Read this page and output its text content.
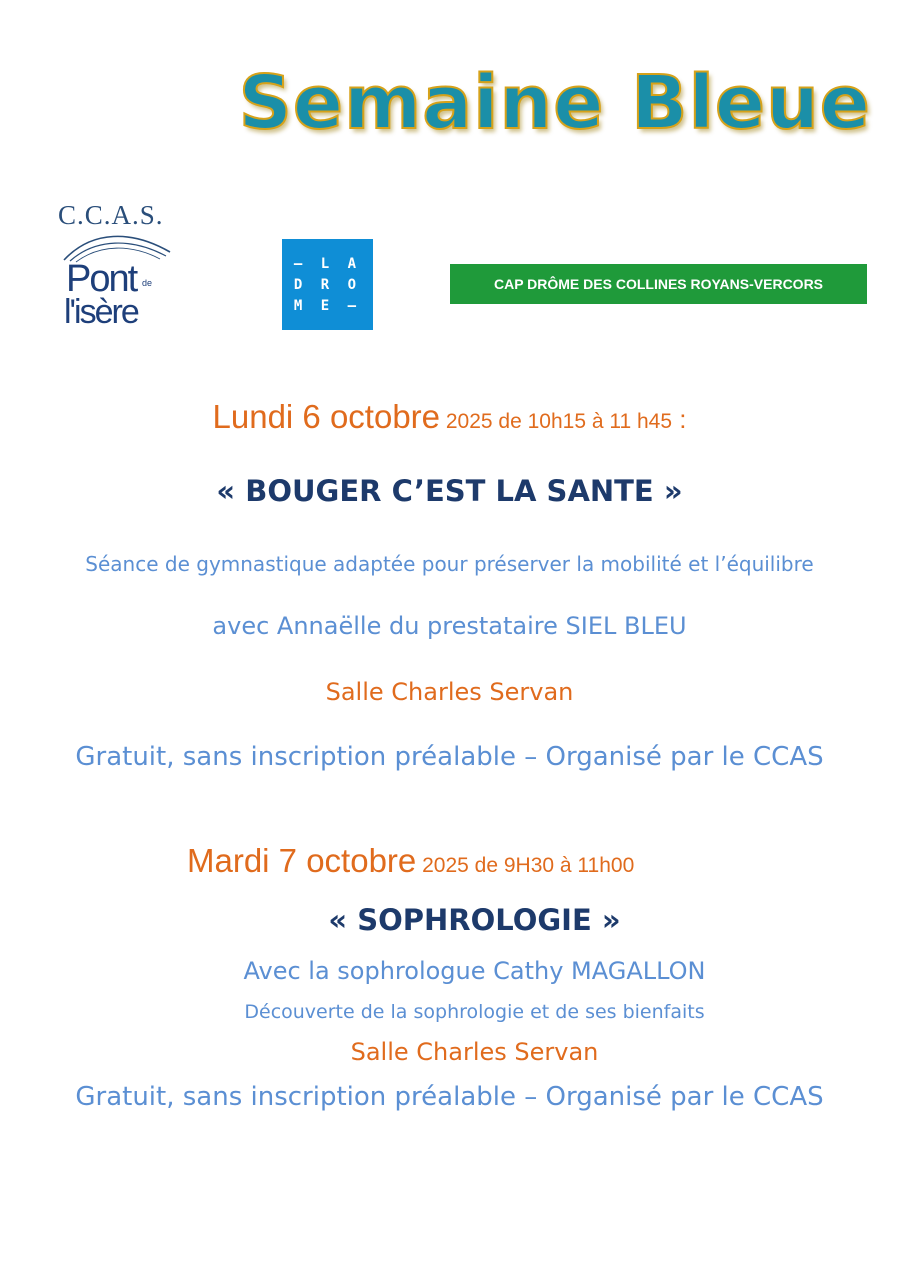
Semaine Bleue
C.C.A.S.
Pont de
l'isère
– L A
D R O
M E –
CAP DRÔME DES COLLINES ROYANS-VERCORS
Lundi 6 octobre 2025 de 10h15 à 11 h45 :
« BOUGER C’EST LA SANTE »
Séance de gymnastique adaptée pour préserver la mobilité et l’équilibre
avec Annaëlle du prestataire SIEL BLEU
Salle Charles Servan
Gratuit, sans inscription préalable – Organisé par le CCAS
Mardi 7 octobre 2025 de 9H30 à 11h00
« SOPHROLOGIE »
Avec la sophrologue Cathy MAGALLON
Découverte de la sophrologie et de ses bienfaits
Salle Charles Servan
Gratuit, sans inscription préalable – Organisé par le CCAS
